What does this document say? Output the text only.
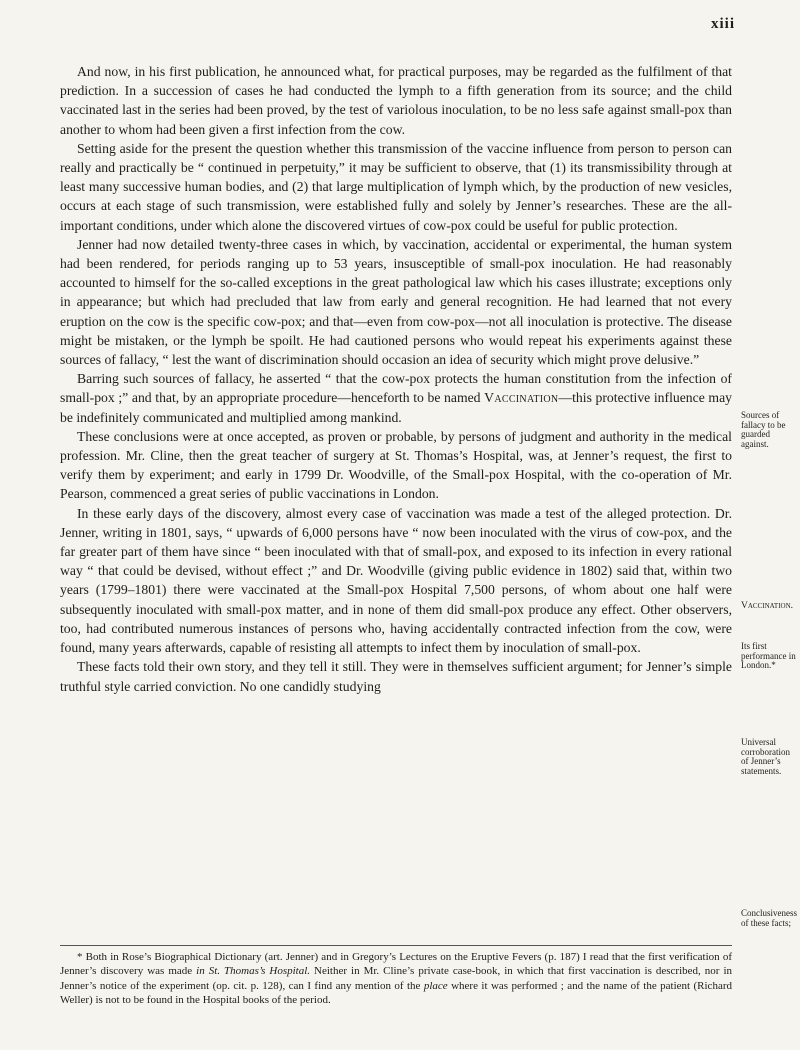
xiii

And now, in his first publication, he announced what, for practical purposes, may be regarded as the fulfilment of that prediction. In a succession of cases he had conducted the lymph to a fifth generation from its source; and the child vaccinated last in the series had been proved, by the test of variolous inoculation, to be no less safe against small-pox than another to whom had been given a first infection from the cow.

Setting aside for the present the question whether this transmission of the vaccine influence from person to person can really and practically be “ continued in perpetuity,” it may be sufficient to observe, that (1) its transmissibility through at least many successive human bodies, and (2) that large multiplication of lymph which, by the production of new vesicles, occurs at each stage of such transmission, were established fully and solely by Jenner’s researches. These are the all-important conditions, under which alone the discovered virtues of cow-pox could be useful for public protection.

Jenner had now detailed twenty-three cases in which, by vaccination, accidental or experimental, the human system had been rendered, for periods ranging up to 53 years, insusceptible of small-pox inoculation. He had reasonably accounted to himself for the so-called exceptions in the great pathological law which his cases illustrate; exceptions only in appearance; but which had precluded that law from early and general recognition. He had learned that not every eruption on the cow is the specific cow-pox; and that—even from cow-pox—not all inoculation is protective. The disease might be mistaken, or the lymph be spoilt. He had cautioned persons who would repeat his experiments against these sources of fallacy, “ lest the want of discrimination should occasion an idea of security which might prove delusive.”

Barring such sources of fallacy, he asserted “ that the cow-pox protects the human constitution from the infection of small-pox ;” and that, by an appropriate procedure—henceforth to be named Vaccination—this protective influence may be indefinitely communicated and multiplied among mankind.

These conclusions were at once accepted, as proven or probable, by persons of judgment and authority in the medical profession. Mr. Cline, then the great teacher of surgery at St. Thomas’s Hospital, was, at Jenner’s request, the first to verify them by experiment; and early in 1799 Dr. Woodville, of the Small-pox Hospital, with the co-operation of Mr. Pearson, commenced a great series of public vaccinations in London.

In these early days of the discovery, almost every case of vaccination was made a test of the alleged protection. Dr. Jenner, writing in 1801, says, “ upwards of 6,000 persons have “ now been inoculated with the virus of cow-pox, and the far greater part of them have since “ been inoculated with that of small-pox, and exposed to its infection in every rational way “ that could be devised, without effect ;” and Dr. Woodville (giving public evidence in 1802) said that, within two years (1799–1801) there were vaccinated at the Small-pox Hospital 7,500 persons, of whom about one half were subsequently inoculated with small-pox matter, and in none of them did small-pox produce any effect. Other observers, too, had contributed numerous instances of persons who, having accidentally contracted infection from the cow, were found, many years afterwards, capable of resisting all attempts to infect them by inoculation of small-pox.

These facts told their own story, and they tell it still. They were in themselves sufficient argument; for Jenner’s simple truthful style carried conviction. No one candidly studying

Sources of fallacy to be guarded against.
Vaccination.
Its first performance in London.*
Universal corroboration of Jenner’s statements.
Conclusiveness of these facts;

* Both in Rose’s Biographical Dictionary (art. Jenner) and in Gregory’s Lectures on the Eruptive Fevers (p. 187) I read that the first verification of Jenner’s discovery was made in St. Thomas’s Hospital. Neither in Mr. Cline’s private case-book, in which that first vaccination is described, nor in Jenner’s notice of the experiment (op. cit. p. 128), can I find any mention of the place where it was performed ; and the name of the patient (Richard Weller) is not to be found in the Hospital books of the period.
